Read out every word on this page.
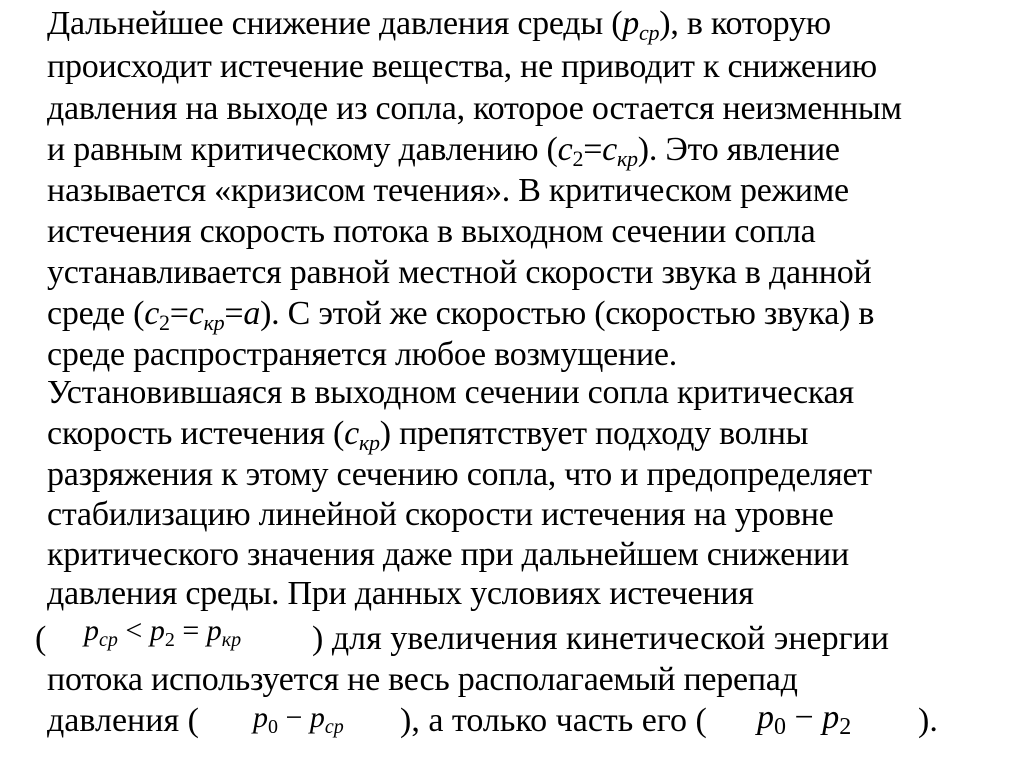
Дальнейшее снижение давления среды $(p_{ср})$, в которую
происходит истечение вещества, не приводит к снижению
давления на выходе из сопла, которое остается неизменным
и равным критическому давлению $(c_2=c_{кр})$. Это явление
называется «кризисом течения». В критическом режиме
истечения скорость потока в выходном сечении сопла
устанавливается равной местной скорости звука в данной
среде $(c_2=c_{кр}=a)$. С этой же скоростью (скоростью звука) в
среде распространяется любое возмущение.
Установившаяся в выходном сечении сопла критическая
скорость истечения $(c_{кр})$ препятствует подходу волны
разряжения к этому сечению сопла, что и предопределяет
стабилизацию линейной скорости истечения на уровне
критического значения даже при дальнейшем снижении
давления среды. При данных условиях истечения
( $p_{ср} < p_2 = p_{кр}$ ) для увеличения кинетической энергии
потока используется не весь располагаемый перепад
давления ( $p_0 - p_{ср}$ ), а только часть его ( $p_0 - p_2$ ).
